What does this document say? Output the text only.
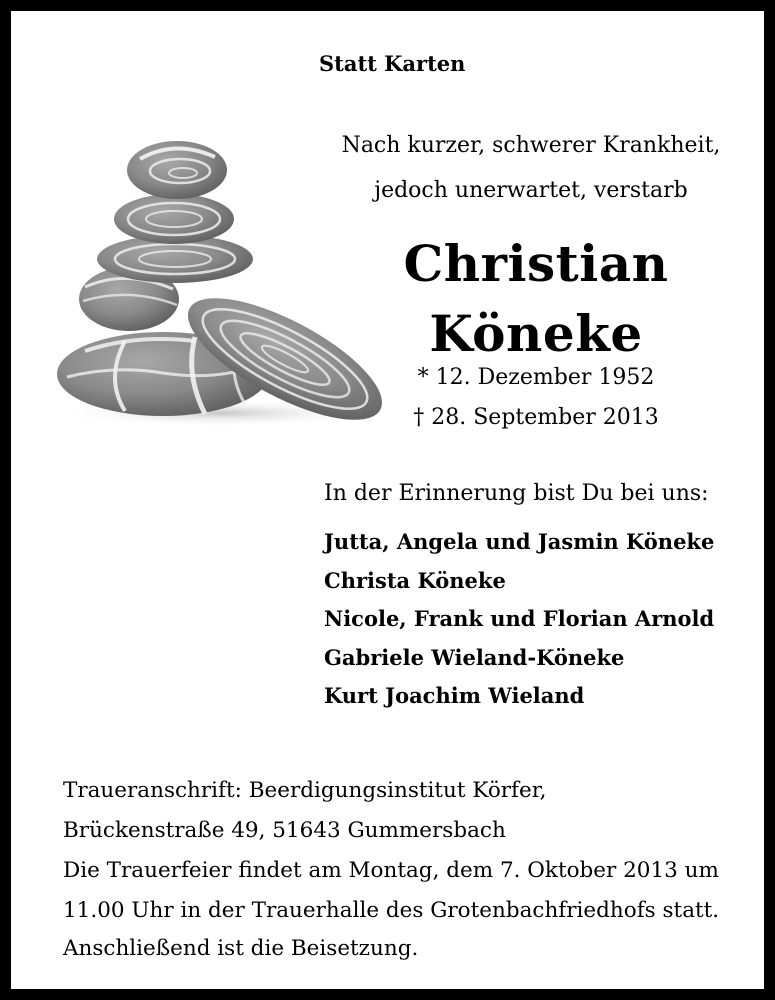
Statt Karten
Nach kurzer, schwerer Krankheit,
jedoch unerwartet, verstarb
Christian
Köneke
* 12. Dezember 1952
† 28. September 2013
In der Erinnerung bist Du bei uns:
Jutta, Angela und Jasmin Köneke
Christa Köneke
Nicole, Frank und Florian Arnold
Gabriele Wieland-Köneke
Kurt Joachim Wieland
Traueranschrift: Beerdigungsinstitut Körfer,
Brückenstraße 49, 51643 Gummersbach
Die Trauerfeier findet am Montag, dem 7. Oktober 2013 um
11.00 Uhr in der Trauerhalle des Grotenbachfriedhofs statt.
Anschließend ist die Beisetzung.
